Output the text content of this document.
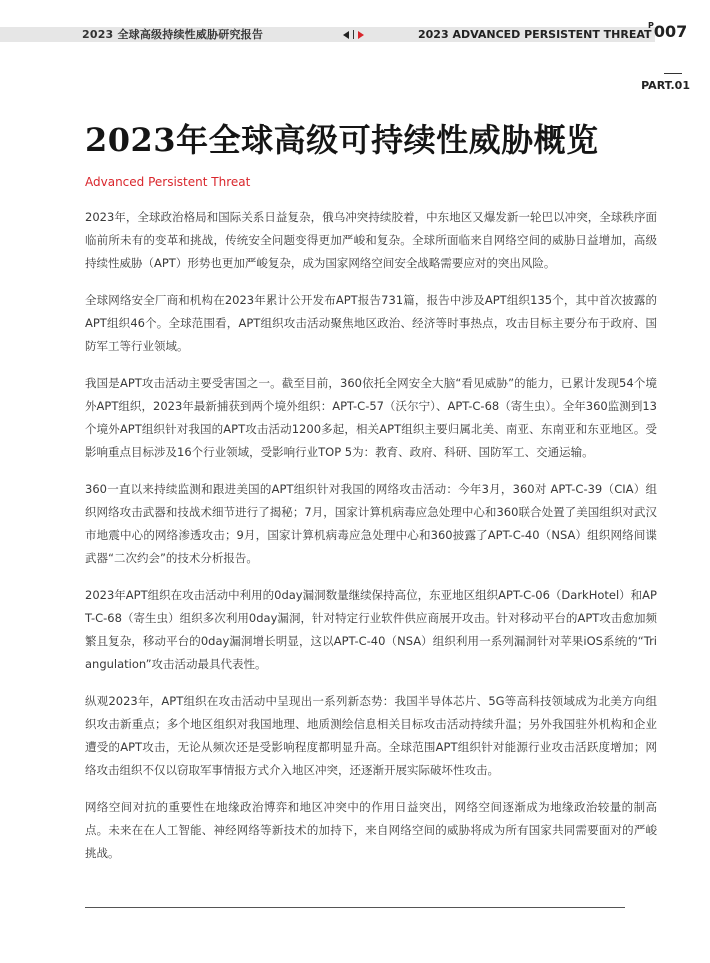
2023 全球高级持续性威胁研究报告	2023 ADVANCED PERSISTENT THREAT
$^P$007
PART.01
2023年全球高级可持续性威胁概览
Advanced Persistent Threat

2023年，全球政治格局和国际关系日益复杂，俄乌冲突持续胶着，中东地区又爆发新一轮巴以冲突，全球秩序面临前所未有的变革和挑战，传统安全问题变得更加严峻和复杂。全球所面临来自网络空间的威胁日益增加，高级持续性威胁（APT）形势也更加严峻复杂，成为国家网络空间安全战略需要应对的突出风险。

全球网络安全厂商和机构在2023年累计公开发布APT报告731篇，报告中涉及APT组织135个，其中首次披露的APT组织46个。全球范围看，APT组织攻击活动聚焦地区政治、经济等时事热点，攻击目标主要分布于政府、国防军工等行业领域。

我国是APT攻击活动主要受害国之一。截至目前，360依托全网安全大脑“看见威胁”的能力，已累计发现54个境外APT组织，2023年最新捕获到两个境外组织：APT-C-57（沃尔宁）、APT-C-68（寄生虫）。全年360监测到13个境外APT组织针对我国的APT攻击活动1200多起，相关APT组织主要归属北美、南亚、东南亚和东亚地区。受影响重点目标涉及16个行业领域，受影响行业TOP 5为：教育、政府、科研、国防军工、交通运输。

360一直以来持续监测和跟进美国的APT组织针对我国的网络攻击活动：今年3月，360对 APT-C-39（CIA）组织网络攻击武器和技战术细节进行了揭秘；7月，国家计算机病毒应急处理中心和360联合处置了美国组织对武汉市地震中心的网络渗透攻击；9月，国家计算机病毒应急处理中心和360披露了APT-C-40（NSA）组织网络间谍武器“二次约会”的技术分析报告。

2023年APT组织在攻击活动中利用的0day漏洞数量继续保持高位，东亚地区组织APT-C-06（DarkHotel）和APT-C-68（寄生虫）组织多次利用0day漏洞，针对特定行业软件供应商展开攻击。针对移动平台的APT攻击愈加频繁且复杂，移动平台的0day漏洞增长明显，这以APT-C-40（NSA）组织利用一系列漏洞针对苹果iOS系统的“Triangulation”攻击活动最具代表性。

纵观2023年，APT组织在攻击活动中呈现出一系列新态势：我国半导体芯片、5G等高科技领域成为北美方向组织攻击新重点；多个地区组织对我国地理、地质测绘信息相关目标攻击活动持续升温；另外我国驻外机构和企业遭受的APT攻击，无论从频次还是受影响程度都明显升高。全球范围APT组织针对能源行业攻击活跃度增加；网络攻击组织不仅以窃取军事情报方式介入地区冲突，还逐渐开展实际破坏性攻击。

网络空间对抗的重要性在地缘政治博弈和地区冲突中的作用日益突出，网络空间逐渐成为地缘政治较量的制高点。未来在在人工智能、神经网络等新技术的加持下，来自网络空间的威胁将成为所有国家共同需要面对的严峻挑战。
